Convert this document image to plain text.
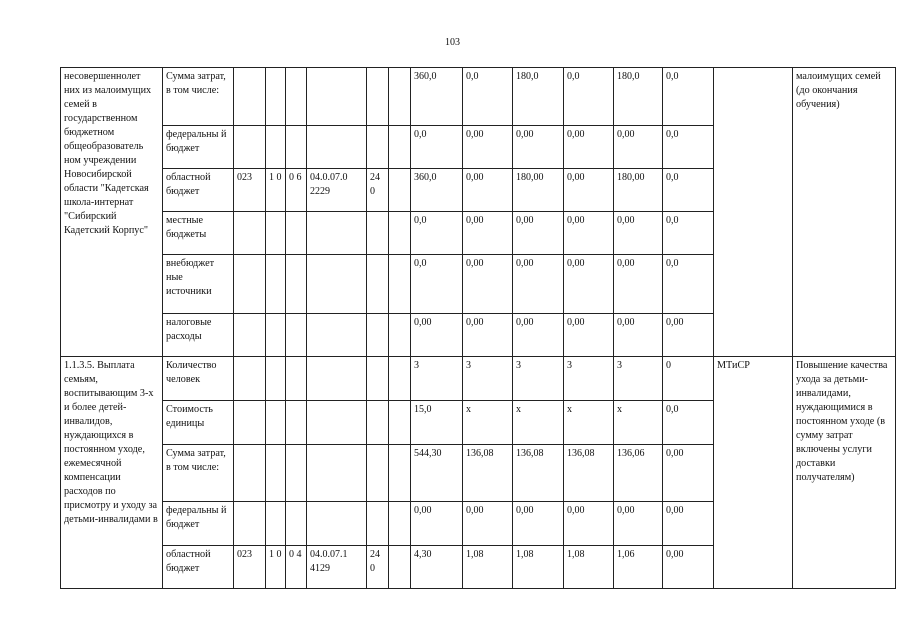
103
несовершеннолет них из малоимущих семей в государственном бюджетном общеобразователь ном учреждении Новосибирской области "Кадетская школа-интернат "Сибирский Кадетский Корпус"	Сумма затрат, в том числе:							360,0	0,0	180,0	0,0	180,0	0,0		малоимущих семей (до окончания обучения)
	федеральны й бюджет							0,0	0,00	0,00	0,00	0,00	0,0		
	областной бюджет	023	1 0	0 6	04.0.07.0 2229	24 0		360,0	0,00	180,00	0,00	180,00	0,0		
	местные бюджеты							0,0	0,00	0,00	0,00	0,00	0,0		
	внебюджет ные источники							0,0	0,00	0,00	0,00	0,00	0,0		
	налоговые расходы							0,00	0,00	0,00	0,00	0,00	0,00		
1.1.3.5. Выплата семьям, воспитывающим 3-х и более детей-инвалидов, нуждающихся в постоянном уходе, ежемесячной компенсации расходов по присмотру и уходу за детьми-инвалидами в	Количество человек							3	3	3	3	3	0	МТиСР	Повышение качества ухода за детьми-инвалидами, нуждающимися в постоянном уходе (в сумму затрат включены услуги доставки получателям)
	Стоимость единицы							15,0	х	х	х	х	0,0		
	Сумма затрат, в том числе:							544,30	136,08	136,08	136,08	136,06	0,00		
	федеральны й бюджет							0,00	0,00	0,00	0,00	0,00	0,00		
	областной бюджет	023	1 0	0 4	04.0.07.1 4129	24 0		4,30	1,08	1,08	1,08	1,06	0,00		
